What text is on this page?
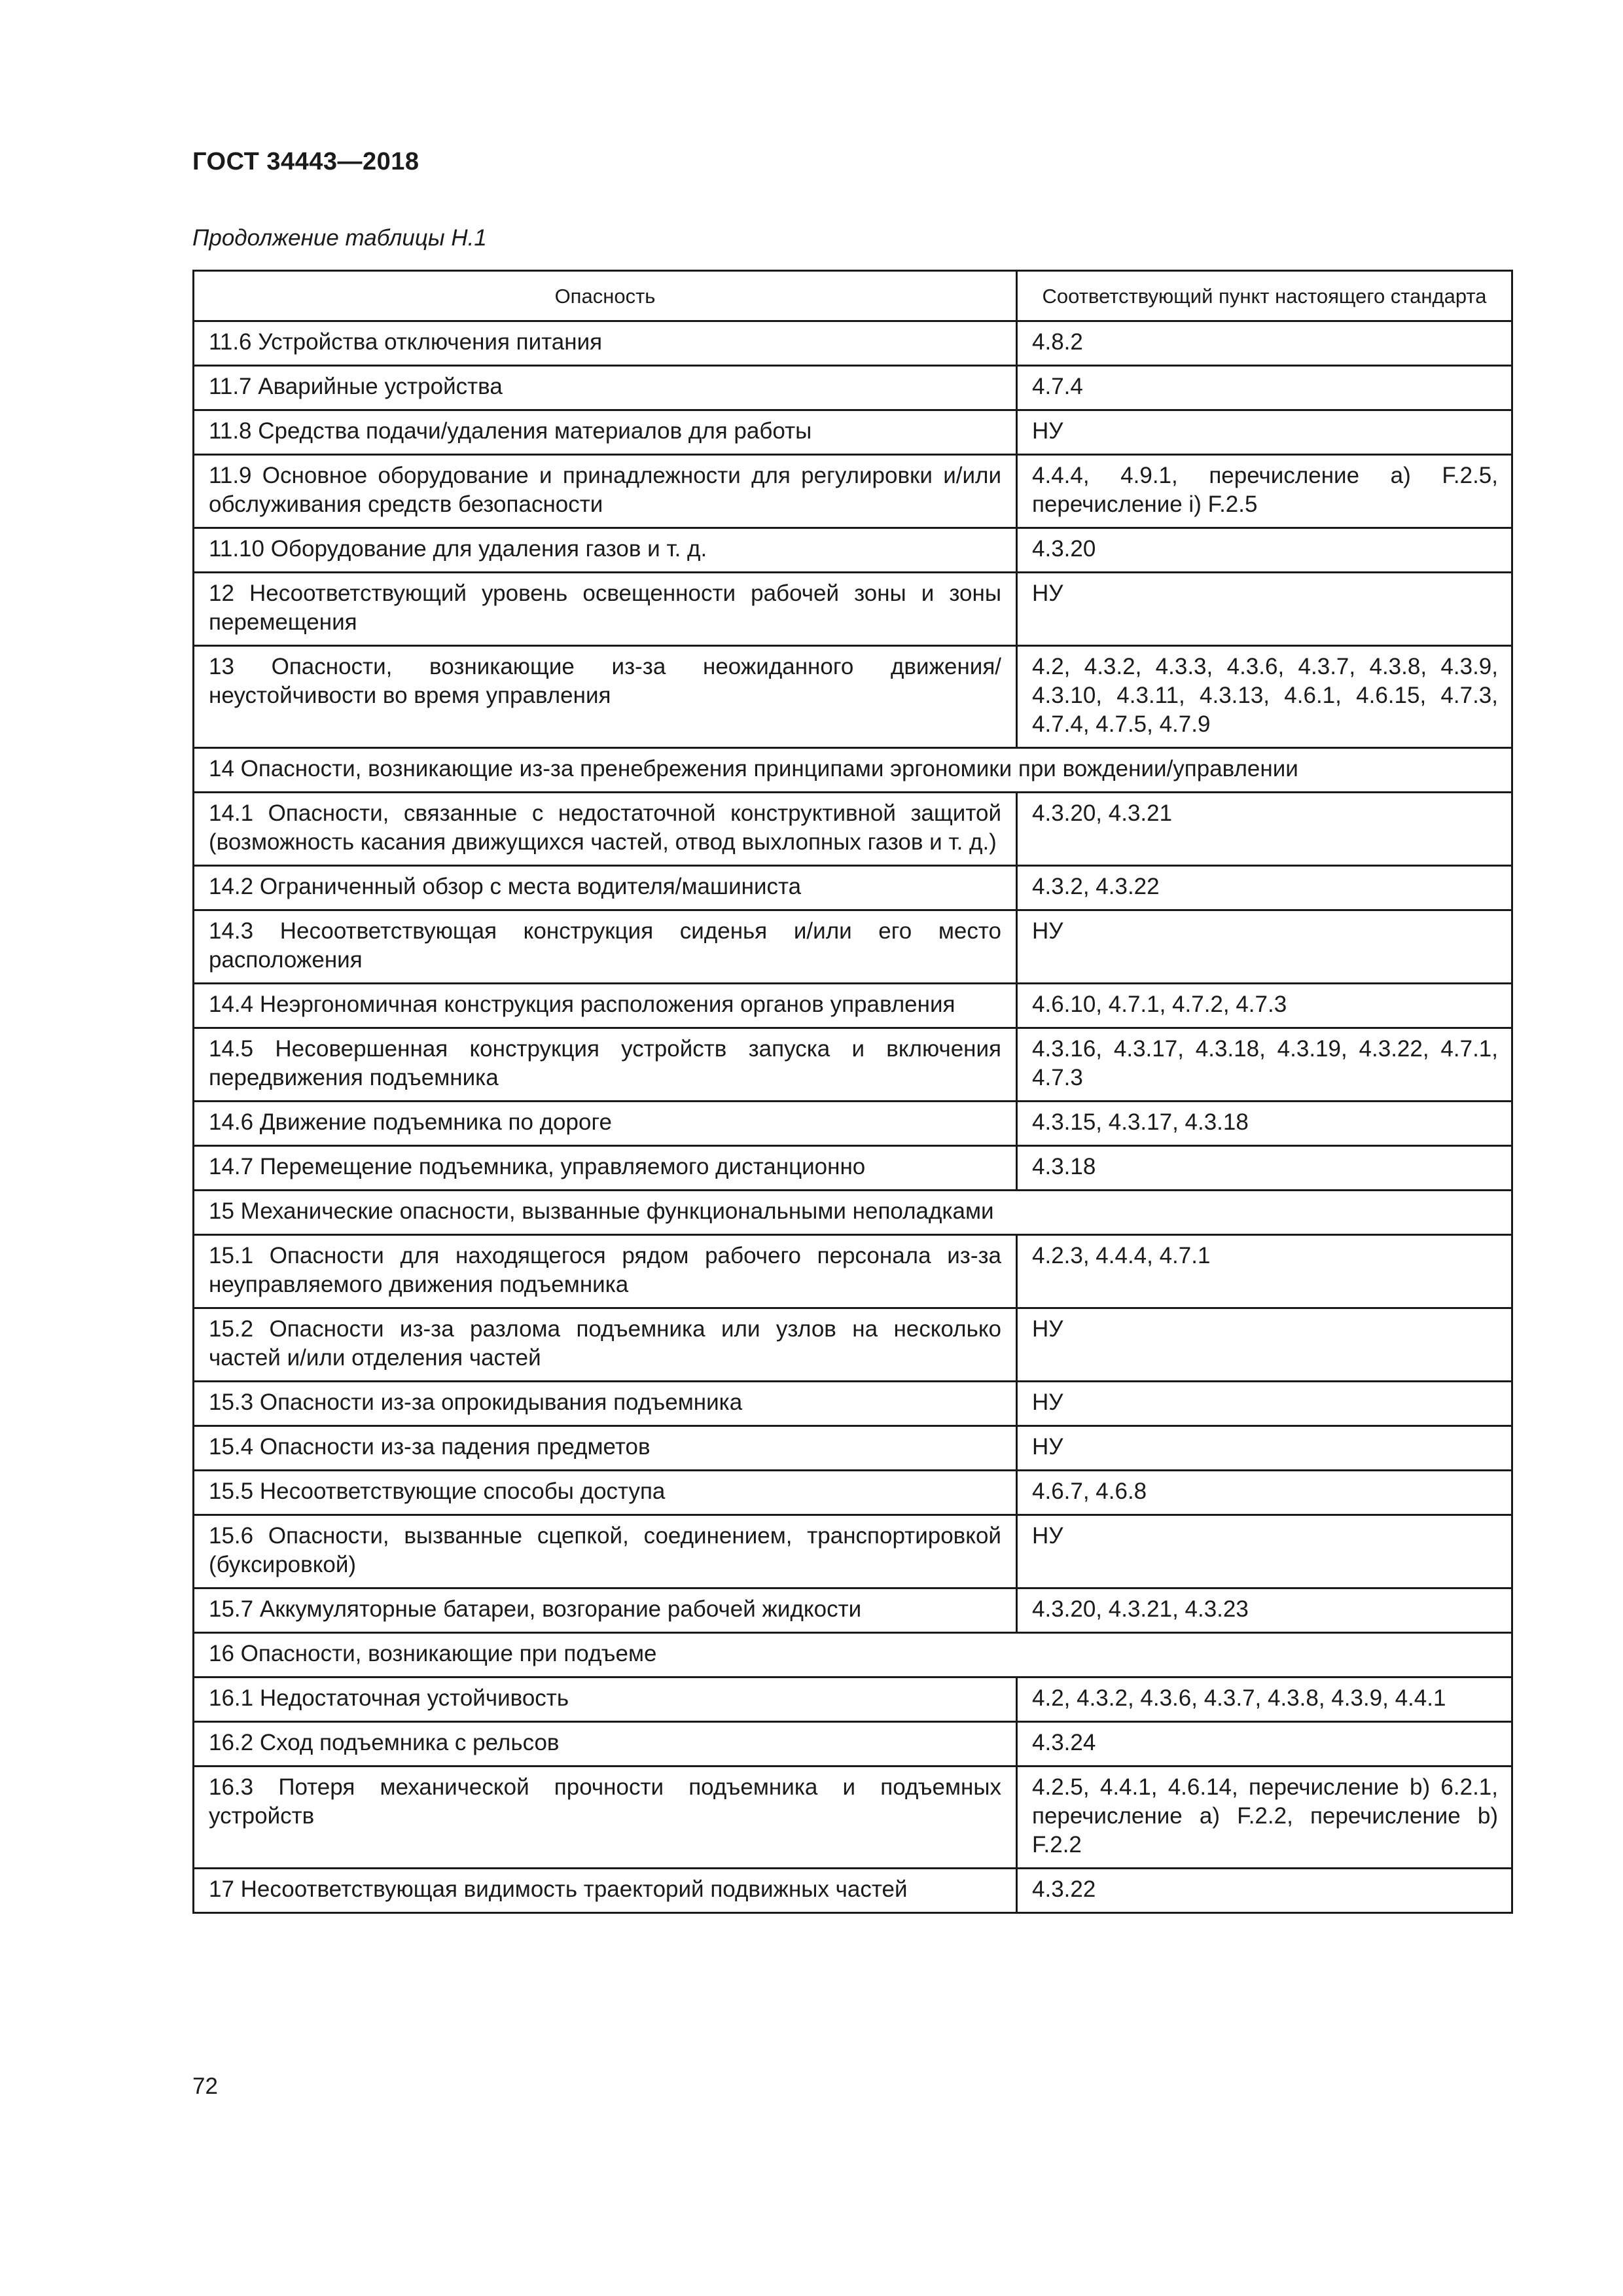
ГОСТ 34443—2018

Продолжение таблицы Н.1

Опасность	Соответствующий пункт настоящего стандарта
11.6 Устройства отключения питания	4.8.2
11.7 Аварийные устройства	4.7.4
11.8 Средства подачи/удаления материалов для работы	НУ
11.9 Основное оборудование и принадлежности для регулировки и/или обслуживания средств безопасности	4.4.4, 4.9.1, перечисление а) F.2.5, перечисление i) F.2.5
11.10 Оборудование для удаления газов и т. д.	4.3.20
12 Несоответствующий уровень освещенности рабочей зоны и зоны перемещения	НУ
13 Опасности, возникающие из-за неожиданного движения/неустойчивости во время управления	4.2, 4.3.2, 4.3.3, 4.3.6, 4.3.7, 4.3.8, 4.3.9, 4.3.10, 4.3.11, 4.3.13, 4.6.1, 4.6.15, 4.7.3, 4.7.4, 4.7.5, 4.7.9
14 Опасности, возникающие из-за пренебрежения принципами эргономики при вождении/управлении	
14.1 Опасности, связанные с недостаточной конструктивной защитой (возможность касания движущихся частей, отвод выхлопных газов и т. д.)	4.3.20, 4.3.21
14.2 Ограниченный обзор с места водителя/машиниста	4.3.2, 4.3.22
14.3 Несоответствующая конструкция сиденья и/или его место расположения	НУ
14.4 Неэргономичная конструкция расположения органов управления	4.6.10, 4.7.1, 4.7.2, 4.7.3
14.5 Несовершенная конструкция устройств запуска и включения передвижения подъемника	4.3.16, 4.3.17, 4.3.18, 4.3.19, 4.3.22, 4.7.1, 4.7.3
14.6 Движение подъемника по дороге	4.3.15, 4.3.17, 4.3.18
14.7 Перемещение подъемника, управляемого дистанционно	4.3.18
15 Механические опасности, вызванные функциональными неполадками	
15.1 Опасности для находящегося рядом рабочего персонала из-за неуправляемого движения подъемника	4.2.3, 4.4.4, 4.7.1
15.2 Опасности из-за разлома подъемника или узлов на несколько частей и/или отделения частей	НУ
15.3 Опасности из-за опрокидывания подъемника	НУ
15.4 Опасности из-за падения предметов	НУ
15.5 Несоответствующие способы доступа	4.6.7, 4.6.8
15.6 Опасности, вызванные сцепкой, соединением, транспортировкой (буксировкой)	НУ
15.7 Аккумуляторные батареи, возгорание рабочей жидкости	4.3.20, 4.3.21, 4.3.23
16 Опасности, возникающие при подъеме	
16.1 Недостаточная устойчивость	4.2, 4.3.2, 4.3.6, 4.3.7, 4.3.8, 4.3.9, 4.4.1
16.2 Сход подъемника с рельсов	4.3.24
16.3 Потеря механической прочности подъемника и подъемных устройств	4.2.5, 4.4.1, 4.6.14, перечисление b) 6.2.1, перечисление а) F.2.2, перечисление b) F.2.2
17 Несоответствующая видимость траекторий подвижных частей	4.3.22

72
